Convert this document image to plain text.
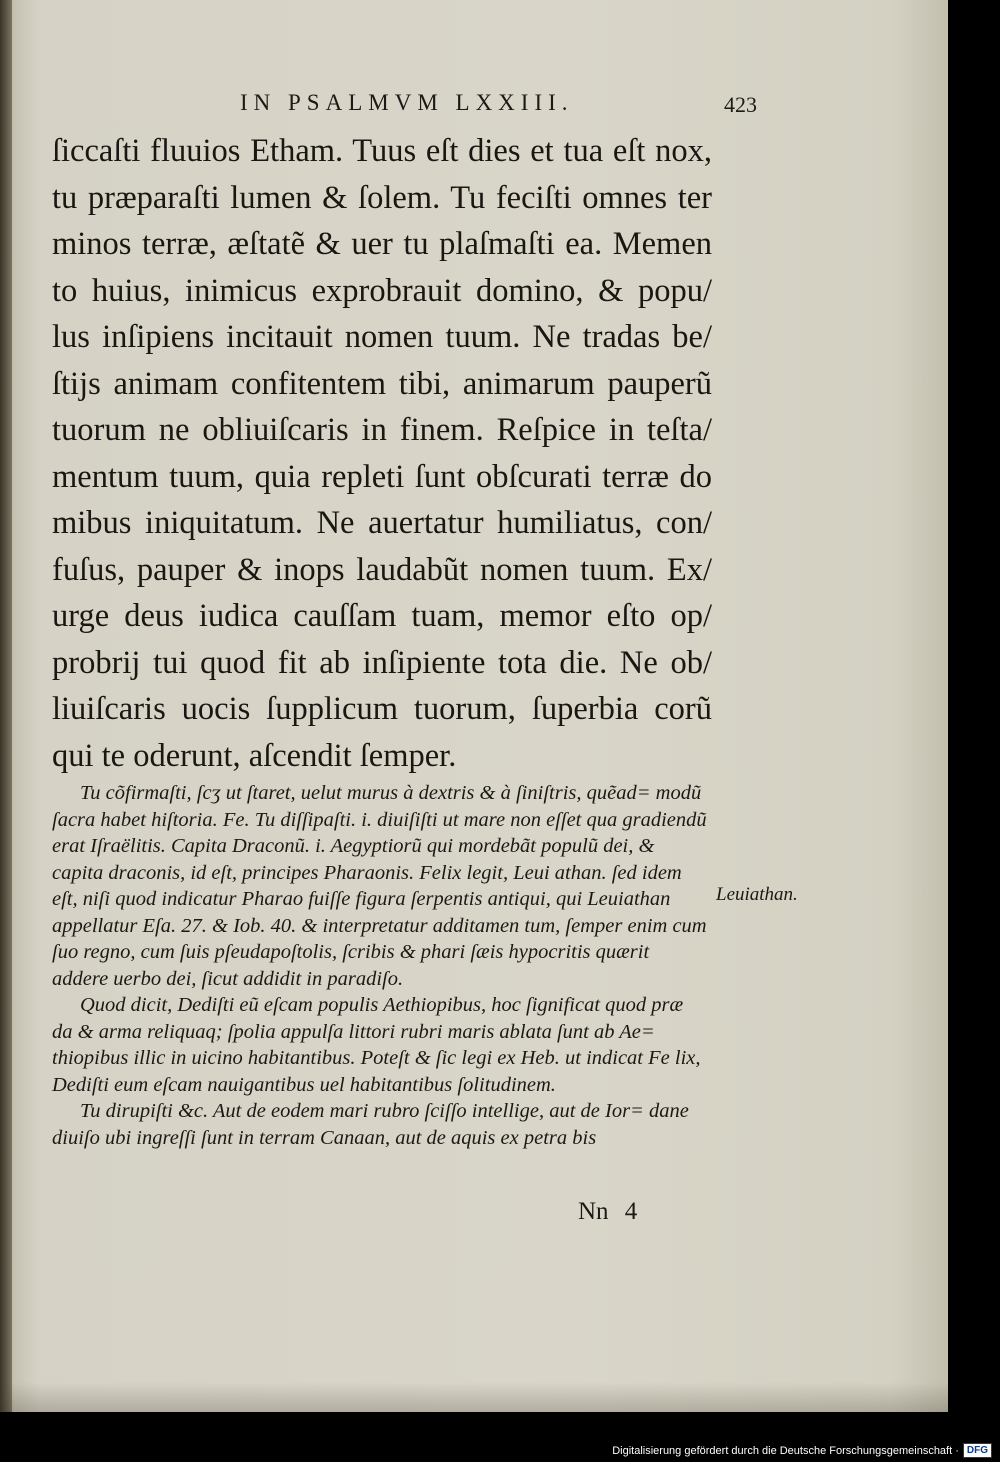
IN PSALMVM LXXIII.	423

ſiccaſti fluuios Etham. Tuus eſt dies et tua eſt nox, tu præparaſti lumen & ſolem. Tu feciſti omnes ter minos terræ, æſtatẽ & uer tu plaſmaſti ea. Memen to huius, inimicus exprobrauit domino, & popu/ lus inſipiens incitauit nomen tuum. Ne tradas be/ ſtijs animam confitentem tibi, animarum pauperũ tuorum ne obliuiſcaris in finem. Reſpice in teſta/ mentum tuum, quia repleti ſunt obſcurati terræ do mibus iniquitatum. Ne auertatur humiliatus, con/ fuſus, pauper & inops laudabũt nomen tuum. Ex/ urge deus iudica cauſſam tuam, memor eſto op/ probrij tui quod fit ab inſipiente tota die. Ne ob/ liuiſcaris uocis ſupplicum tuorum, ſuperbia corũ qui te oderunt, aſcendit ſemper.

Tu cõfirmaſti, ſcʒ ut ſtaret, uelut murus à dextris & à ſiniſtris, quẽad= modũ ſacra habet hiſtoria. Fe. Tu diſſipaſti. i. diuiſiſti ut mare non eſſet qua gradiendũ erat Iſraëlitis. Capita Draconũ. i. Aegyptiorũ qui mordebãt populũ dei, & capita draconis, id eſt, principes Pharaonis. Felix legit, Leui athan. ſed idem eſt, niſi quod indicatur Pharao fuiſſe figura ſerpentis antiqui, qui Leuiathan appellatur Eſa. 27. & Iob. 40. & interpretatur additamen tum, ſemper enim cum ſuo regno, cum ſuis pſeudapoſtolis, ſcribis & phari ſæis hypocritis quærit addere uerbo dei, ſicut addidit in paradiſo.

Quod dicit, Dediſti eũ eſcam populis Aethiopibus, hoc ſignificat quod præ da & arma reliquaq; ſpolia appulſa littori rubri maris ablata ſunt ab Ae= thiopibus illic in uicino habitantibus. Poteſt & ſic legi ex Heb. ut indicat Fe lix, Dediſti eum eſcam nauigantibus uel habitantibus ſolitudinem.

Tu dirupiſti &c. Aut de eodem mari rubro ſciſſo intellige, aut de Ior= dane diuiſo ubi ingreſſi ſunt in terram Canaan, aut de aquis ex petra bis

Leuiathan.
Nn 4
Digitalisierung gefördert durch die Deutsche Forschungsgemeinschaft · DFG
